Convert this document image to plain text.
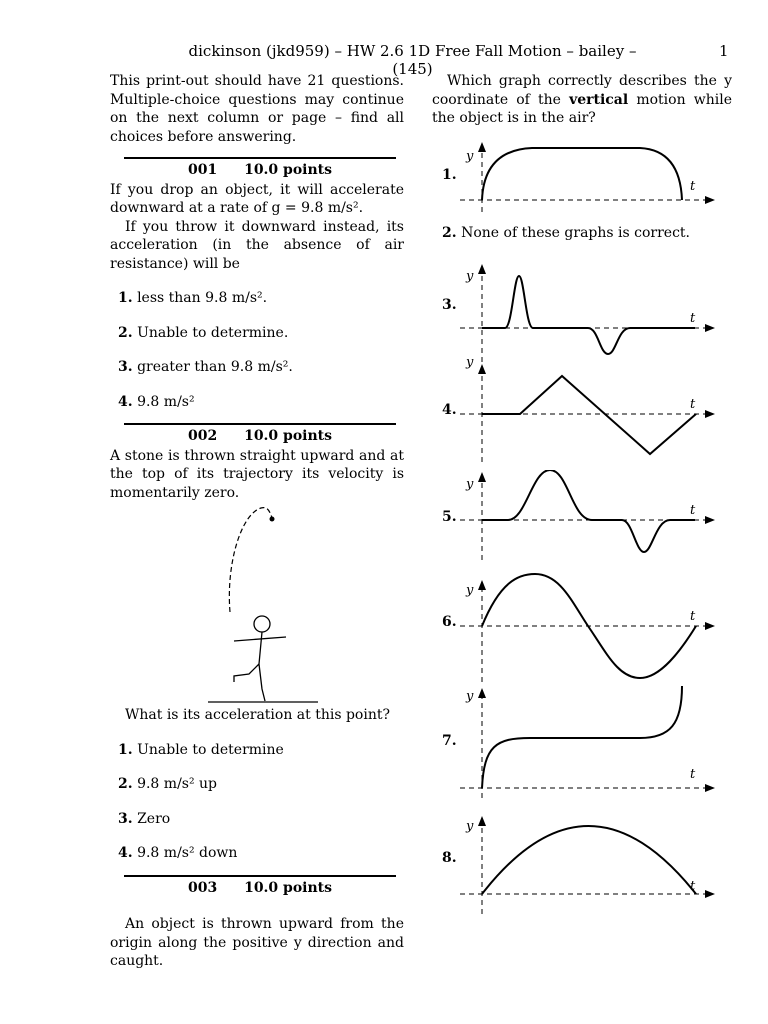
dickinson (jkd959) – HW 2.6 1D Free Fall Motion – bailey – (145)
1

This print-out should have 21 questions. Multiple-choice questions may continue on the next column or page – find all choices before answering.

001 10.0 points

If you drop an object, it will accelerate downward at a rate of g = 9.8 m/s².

If you throw it downward instead, its acceleration (in the absence of air resistance) will be

1. less than 9.8 m/s².
2. Unable to determine.
3. greater than 9.8 m/s².
4. 9.8 m/s²
002 10.0 points

A stone is thrown straight upward and at the top of its trajectory its velocity is momentarily zero.

What is its acceleration at this point?

1. Unable to determine
2. 9.8 m/s² up
3. Zero
4. 9.8 m/s² down
003 10.0 points

An object is thrown upward from the origin along the positive y direction and caught.

Which graph correctly describes the y coordinate of the vertical motion while the object is in the air?

1.
y
t
2. None of these graphs is correct.
3.
y
t
4.
y
t
5.
y
t
6.
y
t
7.
y
t
8.
y
t
